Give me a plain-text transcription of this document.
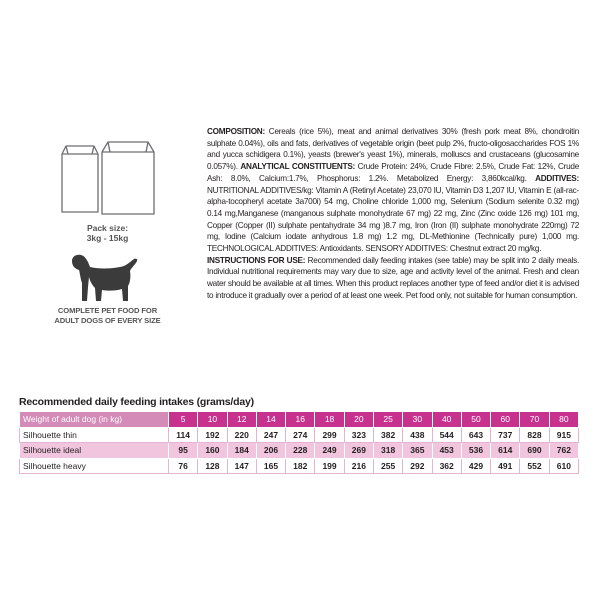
Pack size:
3kg - 15kg
COMPLETE PET FOOD FOR
ADULT DOGS OF EVERY SIZE

COMPOSITION: Cereals (rice 5%), meat and animal derivatives 30% (fresh pork meat 8%, chondroitin sulphate 0.04%), oils and fats, derivatives of vegetable origin (beet pulp 2%, fructo-oligosaccharides FOS 1% and yucca schidigera 0.1%), yeasts (brewer's yeast 1%), minerals, molluscs and crustaceans (glucosamine 0.057%). ANALYTICAL CONSTITUENTS: Crude Protein: 24%, Crude Fibre: 2.5%, Crude Fat: 12%, Crude Ash: 8.0%, Calcium:1.7%, Phosphorus: 1.2%. Metabolized Energy: 3,860kcal/kg. ADDITIVES: NUTRITIONAL ADDITIVES/kg: Vitamin A (Retinyl Acetate) 23,070 IU, Vitamin D3 1,207 IU, Vitamin E (all-rac-alpha-tocopheryl acetate 3a700i) 54 mg, Choline chloride 1,000 mg, Selenium (Sodium selenite 0.32 mg) 0.14 mg,Manganese (manganous sulphate monohydrate 67 mg) 22 mg, Zinc (Zinc oxide 126 mg) 101 mg, Copper (Copper (II) sulphate pentahydrate 34 mg )8.7 mg, Iron (Iron (II) sulphate monohydrate 220mg) 72 mg, Iodine (Calcium iodate anhydrous 1.8 mg) 1.2 mg, DL-Methionine (Technically pure) 1,000 mg. TECHNOLOGICAL ADDITIVES: Antioxidants. SENSORY ADDITIVES: Chestnut extract 20 mg/kg.

INSTRUCTIONS FOR USE: Recommended daily feeding intakes (see table) may be split into 2 daily meals. Individual nutritional requirements may vary due to size, age and activity level of the animal. Fresh and clean water should be available at all times. When this product replaces another type of feed and/or diet it is advised to introduce it gradually over a period of at least one week. Pet food only, not suitable for human consumption.

Recommended daily feeding intakes (grams/day)
Weight of adult dog (in kg)	5	10	12	14	16	18	20	25	30	40	50	60	70	80
Silhouette thin	114	192	220	247	274	299	323	382	438	544	643	737	828	915
Silhouette ideal	95	160	184	206	228	249	269	318	365	453	536	614	690	762
Silhouette heavy	76	128	147	165	182	199	216	255	292	362	429	491	552	610
